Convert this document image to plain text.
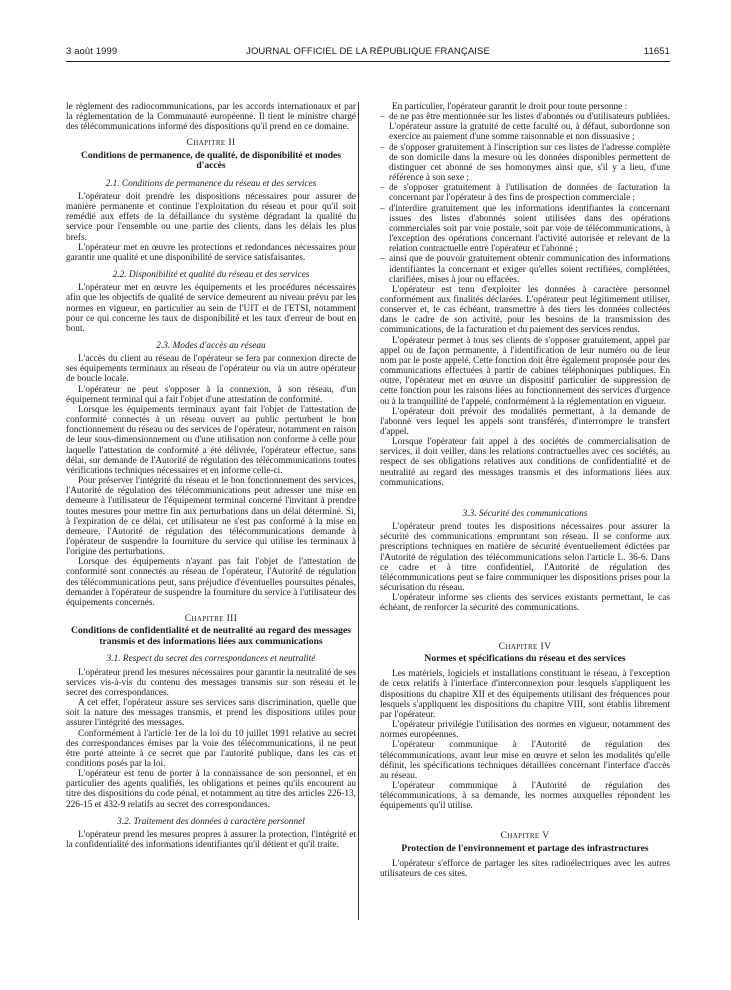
3 août 1999	JOURNAL OFFICIEL DE LA RÉPUBLIQUE FRANÇAISE	11651

le règlement des radiocommunications, par les accords internationaux et par la réglementation de la Communauté européenne. Il tient le ministre chargé des télécommunications informé des dispositions qu'il prend en ce domaine.

Chapitre II
Conditions de permanence, de qualité, de disponibilité et modes d'accès
2.1. Conditions de permanence du réseau et des services

L'opérateur doit prendre les dispositions nécessaires pour assurer de manière permanente et continue l'exploitation du réseau et pour qu'il soit remédié aux effets de la défaillance du système dégradant la qualité du service pour l'ensemble ou une partie des clients, dans les délais les plus brefs.

L'opérateur met en œuvre les protections et redondances nécessaires pour garantir une qualité et une disponibilité de service satisfaisantes.

2.2. Disponibilité et qualité du réseau et des services

L'opérateur met en œuvre les équipements et les procédures nécessaires afin que les objectifs de qualité de service demeurent au niveau prévu par les normes en vigueur, en particulier au sein de l'UIT et de l'ETSI, notamment pour ce qui concerne les taux de disponibilité et les taux d'erreur de bout en bout.

2.3. Modes d'accès au réseau

L'accès du client au réseau de l'opérateur se fera par connexion directe de ses équipements terminaux au réseau de l'opérateur ou via un autre opérateur de boucle locale.

L'opérateur ne peut s'opposer à la connexion, à son réseau, d'un équipement terminal qui a fait l'objet d'une attestation de conformité.

Lorsque les équipements terminaux ayant fait l'objet de l'attestation de conformité connectés à un réseau ouvert au public perturbent le bon fonctionnement du réseau ou des services de l'opérateur, notamment en raison de leur sous-dimensionnement ou d'une utilisation non conforme à celle pour laquelle l'attestation de conformité a été délivrée, l'opérateur effectue, sans délai, sur demande de l'Autorité de régulation des télécommunications toutes vérifications techniques nécessaires et en informe celle-ci.

Pour préserver l'intégrité du réseau et le bon fonctionnement des services, l'Autorité de régulation des télécommunications peut adresser une mise en demeure à l'utilisateur de l'équipement terminal concerné l'invitant à prendre toutes mesures pour mettre fin aux perturbations dans un délai déterminé. Si, à l'expiration de ce délai, cet utilisateur ne s'est pas conformé à la mise en demeure, l'Autorité de régulation des télécommunications demande à l'opérateur de suspendre la fourniture du service qui utilise les terminaux à l'origine des perturbations.

Lorsque des équipements n'ayant pas fait l'objet de l'attestation de conformité sont connectés au réseau de l'opérateur, l'Autorité de régulation des télécommunications peut, sans préjudice d'éventuelles poursuites pénales, demander à l'opérateur de suspendre la fourniture du service à l'utilisateur des équipements concernés.

Chapitre III
Conditions de confidentialité et de neutralité au regard des messages transmis et des informations liées aux communications
3.1. Respect du secret des correspondances et neutralité

L'opérateur prend les mesures nécessaires pour garantir la neutralité de ses services vis-à-vis du contenu des messages transmis sur son réseau et le secret des correspondances.

A cet effet, l'opérateur assure ses services sans discrimination, quelle que soit la nature des messages transmis, et prend les dispositions utiles pour assurer l'intégrité des messages.

Conformément à l'article 1er de la loi du 10 juillet 1991 relative au secret des correspondances émises par la voie des télécommunications, il ne peut être porté atteinte à ce secret que par l'autorité publique, dans les cas et conditions posés par la loi.

L'opérateur est tenu de porter à la connaissance de son personnel, et en particulier des agents qualifiés, les obligations et peines qu'ils encourent au titre des dispositions du code pénal, et notamment au titre des articles 226-13, 226-15 et 432-9 relatifs au secret des correspondances.

3.2. Traitement des données à caractère personnel

L'opérateur prend les mesures propres à assurer la protection, l'intégrité et la confidentialité des informations identifiantes qu'il détient et qu'il traite.

En particulier, l'opérateur garantit le droit pour toute personne :

– de ne pas être mentionnée sur les listes d'abonnés ou d'utilisateurs publiées. L'opérateur assure la gratuité de cette faculté ou, à défaut, subordonne son exercice au paiement d'une somme raisonnable et non dissuasive ;
– de s'opposer gratuitement à l'inscription sur ces listes de l'adresse complète de son domicile dans la mesure où les données disponibles permettent de distinguer cet abonné de ses homonymes ainsi que, s'il y a lieu, d'une référence à son sexe ;
– de s'opposer gratuitement à l'utilisation de données de facturation la concernant par l'opérateur à des fins de prospection commerciale ;
– d'interdire gratuitement que les informations identifiantes la concernant issues des listes d'abonnés soient utilisées dans des opérations commerciales soit par voie postale, soit par voie de télécommunications, à l'exception des opérations concernant l'activité autorisée et relevant de la relation contractuelle entre l'opérateur et l'abonné ;
– ainsi que de pouvoir gratuitement obtenir communication des informations identifiantes la concernant et exiger qu'elles soient rectifiées, complétées, clarifiées, mises à jour ou effacées.

L'opérateur est tenu d'exploiter les données à caractère personnel conformément aux finalités déclarées. L'opérateur peut légitimement utiliser, conserver et, le cas échéant, transmettre à des tiers les données collectées dans le cadre de son activité, pour les besoins de la transmission des communications, de la facturation et du paiement des services rendus.

L'opérateur permet à tous ses clients de s'opposer gratuitement, appel par appel ou de façon permanente, à l'identification de leur numéro ou de leur nom par le poste appelé. Cette fonction doit être également proposée pour des communications effectuées à partir de cabines téléphoniques publiques. En outre, l'opérateur met en œuvre un dispositif particulier de suppression de cette fonction pour les raisons liées au fonctionnement des services d'urgence ou à la tranquillité de l'appelé, conformément à la réglementation en vigueur.

L'opérateur doit prévoir des modalités permettant, à la demande de l'abonné vers lequel les appels sont transférés, d'interrompre le transfert d'appel.

Lorsque l'opérateur fait appel à des sociétés de commercialisation de services, il doit veiller, dans les relations contractuelles avec ces sociétés, au respect de ses obligations relatives aux conditions de confidentialité et de neutralité au regard des messages transmis et des informations liées aux communications.

3.3. Sécurité des communications

L'opérateur prend toutes les dispositions nécessaires pour assurer la sécurité des communications empruntant son réseau. Il se conforme aux prescriptions techniques en matière de sécurité éventuellement édictées par l'Autorité de régulation des télécommunications selon l'article L. 36-6. Dans ce cadre et à titre confidentiel, l'Autorité de régulation des télécommunications peut se faire communiquer les dispositions prises pour la sécurisation du réseau.

L'opérateur informe ses clients des services existants permettant, le cas échéant, de renforcer la sécurité des communications.

Chapitre IV
Normes et spécifications du réseau et des services

Les matériels, logiciels et installations constituant le réseau, à l'exception de ceux relatifs à l'interface d'interconnexion pour lesquels s'appliquent les dispositions du chapitre XII et des équipements utilisant des fréquences pour lesquels s'appliquent les dispositions du chapitre VIII, sont établis librement par l'opérateur.

L'opérateur privilégie l'utilisation des normes en vigueur, notamment des normes européennes.

L'opérateur communique à l'Autorité de régulation des télécommunications, avant leur mise en œuvre et selon les modalités qu'elle définit, les spécifications techniques détaillées concernant l'interface d'accès au réseau.

L'opérateur communique à l'Autorité de régulation des télécommunications, à sa demande, les normes auxquelles répondent les équipements qu'il utilise.

Chapitre V
Protection de l'environnement et partage des infrastructures

L'opérateur s'efforce de partager les sites radioélectriques avec les autres utilisateurs de ces sites.
